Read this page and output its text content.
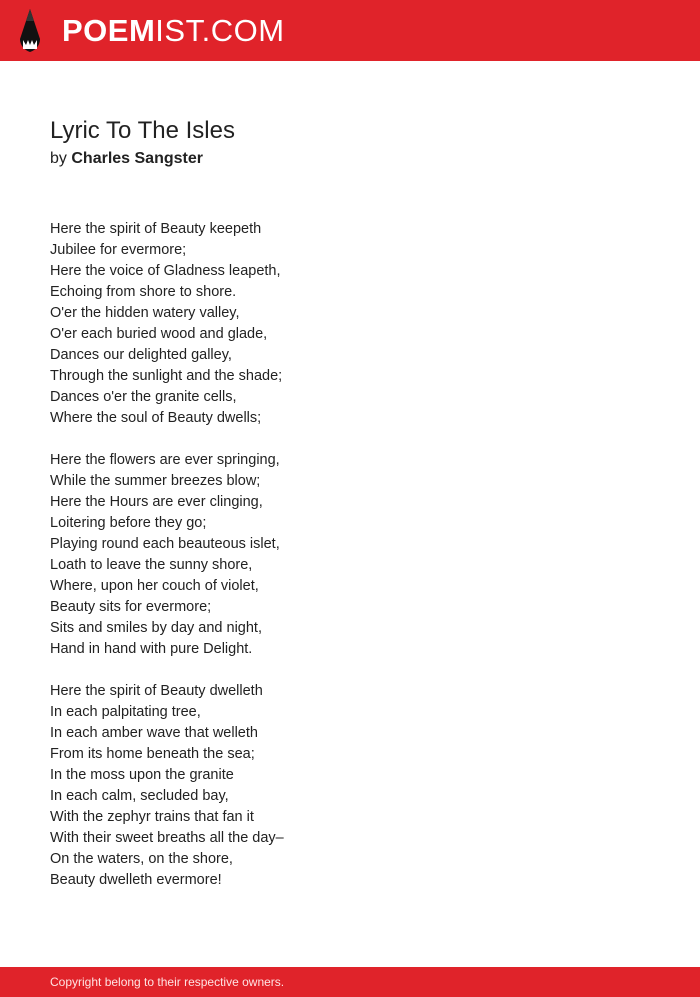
POEMIST.COM
Lyric To The Isles
by Charles Sangster
Here the spirit of Beauty keepeth
Jubilee for evermore;
Here the voice of Gladness leapeth,
Echoing from shore to shore.
O'er the hidden watery valley,
O'er each buried wood and glade,
Dances our delighted galley,
Through the sunlight and the shade;
Dances o'er the granite cells,
Where the soul of Beauty dwells;
Here the flowers are ever springing,
While the summer breezes blow;
Here the Hours are ever clinging,
Loitering before they go;
Playing round each beauteous islet,
Loath to leave the sunny shore,
Where, upon her couch of violet,
Beauty sits for evermore;
Sits and smiles by day and night,
Hand in hand with pure Delight.
Here the spirit of Beauty dwelleth
In each palpitating tree,
In each amber wave that welleth
From its home beneath the sea;
In the moss upon the granite
In each calm, secluded bay,
With the zephyr trains that fan it
With their sweet breaths all the day–
On the waters, on the shore,
Beauty dwelleth evermore!
Copyright belong to their respective owners.
